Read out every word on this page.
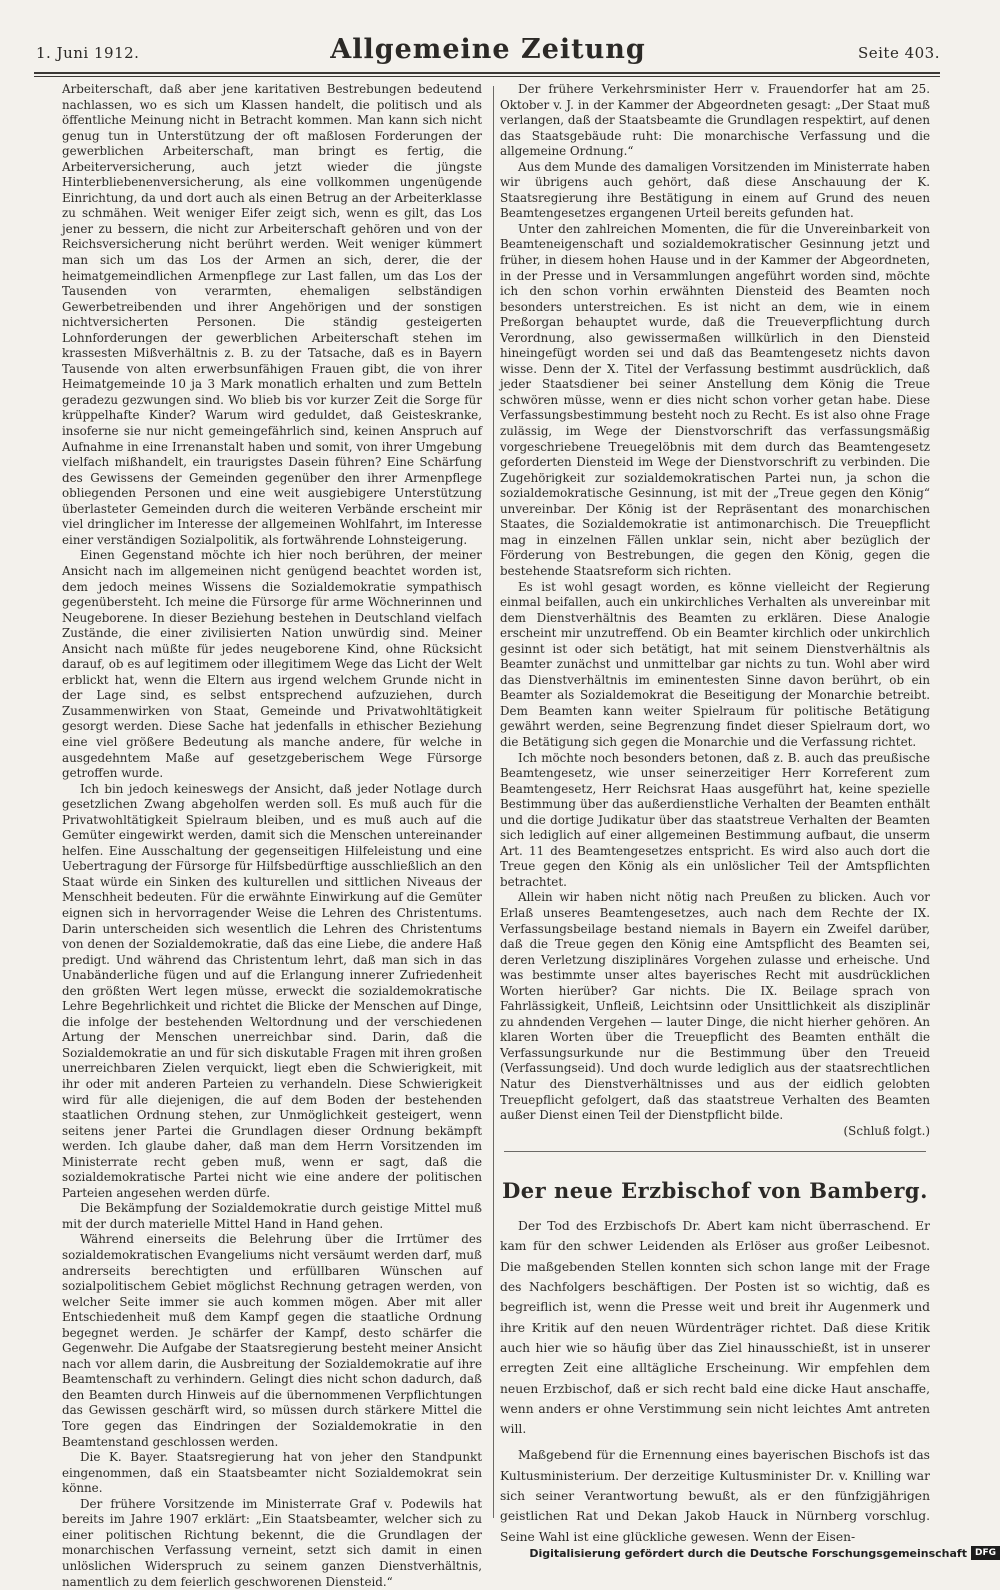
1. Juni 1912.	Allgemeine Zeitung	Seite 403.

Arbeiterschaft, daß aber jene karitativen Bestrebungen bedeutend nachlassen, wo es sich um Klassen handelt, die politisch und als öffentliche Meinung nicht in Betracht kommen. Man kann sich nicht genug tun in Unterstützung der oft maßlosen Forderungen der gewerblichen Arbeiterschaft, man bringt es fertig, die Arbeiterversicherung, auch jetzt wieder die jüngste Hinterbliebenenversicherung, als eine vollkommen ungenügende Einrichtung, da und dort auch als einen Betrug an der Arbeiterklasse zu schmähen. Weit weniger Eifer zeigt sich, wenn es gilt, das Los jener zu bessern, die nicht zur Arbeiterschaft gehören und von der Reichsversicherung nicht berührt werden. Weit weniger kümmert man sich um das Los der Armen an sich, derer, die der heimatgemeindlichen Armenpflege zur Last fallen, um das Los der Tausenden von verarmten, ehemaligen selbständigen Gewerbetreibenden und ihrer Angehörigen und der sonstigen nichtversicherten Personen. Die ständig gesteigerten Lohnforderungen der gewerblichen Arbeiterschaft stehen im krassesten Mißverhältnis z. B. zu der Tatsache, daß es in Bayern Tausende von alten erwerbsunfähigen Frauen gibt, die von ihrer Heimatgemeinde 10 ja 3 Mark monatlich erhalten und zum Betteln geradezu gezwungen sind. Wo blieb bis vor kurzer Zeit die Sorge für krüppelhafte Kinder? Warum wird geduldet, daß Geisteskranke, insoferne sie nur nicht gemeingefährlich sind, keinen Anspruch auf Aufnahme in eine Irrenanstalt haben und somit, von ihrer Umgebung vielfach mißhandelt, ein traurigstes Dasein führen? Eine Schärfung des Gewissens der Gemeinden gegenüber den ihrer Armenpflege obliegenden Personen und eine weit ausgiebigere Unterstützung überlasteter Gemeinden durch die weiteren Verbände erscheint mir viel dringlicher im Interesse der allgemeinen Wohlfahrt, im Interesse einer verständigen Sozialpolitik, als fortwährende Lohnsteigerung.

Einen Gegenstand möchte ich hier noch berühren, der meiner Ansicht nach im allgemeinen nicht genügend beachtet worden ist, dem jedoch meines Wissens die Sozialdemokratie sympathisch gegenübersteht. Ich meine die Fürsorge für arme Wöchnerinnen und Neugeborene. In dieser Beziehung bestehen in Deutschland vielfach Zustände, die einer zivilisierten Nation unwürdig sind. Meiner Ansicht nach müßte für jedes neugeborene Kind, ohne Rücksicht darauf, ob es auf legitimem oder illegitimem Wege das Licht der Welt erblickt hat, wenn die Eltern aus irgend welchem Grunde nicht in der Lage sind, es selbst entsprechend aufzuziehen, durch Zusammenwirken von Staat, Gemeinde und Privatwohltätigkeit gesorgt werden. Diese Sache hat jedenfalls in ethischer Beziehung eine viel größere Bedeutung als manche andere, für welche in ausgedehntem Maße auf gesetzgeberischem Wege Fürsorge getroffen wurde.

Ich bin jedoch keineswegs der Ansicht, daß jeder Notlage durch gesetzlichen Zwang abgeholfen werden soll. Es muß auch für die Privatwohltätigkeit Spielraum bleiben, und es muß auch auf die Gemüter eingewirkt werden, damit sich die Menschen untereinander helfen. Eine Ausschaltung der gegenseitigen Hilfeleistung und eine Uebertragung der Fürsorge für Hilfsbedürftige ausschließlich an den Staat würde ein Sinken des kulturellen und sittlichen Niveaus der Menschheit bedeuten. Für die erwähnte Einwirkung auf die Gemüter eignen sich in hervorragender Weise die Lehren des Christentums. Darin unterscheiden sich wesentlich die Lehren des Christentums von denen der Sozialdemokratie, daß das eine Liebe, die andere Haß predigt. Und während das Christentum lehrt, daß man sich in das Unabänderliche fügen und auf die Erlangung innerer Zufriedenheit den größten Wert legen müsse, erweckt die sozialdemokratische Lehre Begehrlichkeit und richtet die Blicke der Menschen auf Dinge, die infolge der bestehenden Weltordnung und der verschiedenen Artung der Menschen unerreichbar sind. Darin, daß die Sozialdemokratie an und für sich diskutable Fragen mit ihren großen unerreichbaren Zielen verquickt, liegt eben die Schwierigkeit, mit ihr oder mit anderen Parteien zu verhandeln. Diese Schwierigkeit wird für alle diejenigen, die auf dem Boden der bestehenden staatlichen Ordnung stehen, zur Unmöglichkeit gesteigert, wenn seitens jener Partei die Grundlagen dieser Ordnung bekämpft werden. Ich glaube daher, daß man dem Herrn Vorsitzenden im Ministerrate recht geben muß, wenn er sagt, daß die sozialdemokratische Partei nicht wie eine andere der politischen Parteien angesehen werden dürfe.

Die Bekämpfung der Sozialdemokratie durch geistige Mittel muß mit der durch materielle Mittel Hand in Hand gehen.

Während einerseits die Belehrung über die Irrtümer des sozialdemokratischen Evangeliums nicht versäumt werden darf, muß andrerseits berechtigten und erfüllbaren Wünschen auf sozialpolitischem Gebiet möglichst Rechnung getragen werden, von welcher Seite immer sie auch kommen mögen. Aber mit aller Entschiedenheit muß dem Kampf gegen die staatliche Ordnung begegnet werden. Je schärfer der Kampf, desto schärfer die Gegenwehr. Die Aufgabe der Staatsregierung besteht meiner Ansicht nach vor allem darin, die Ausbreitung der Sozialdemokratie auf ihre Beamtenschaft zu verhindern. Gelingt dies nicht schon dadurch, daß den Beamten durch Hinweis auf die übernommenen Verpflichtungen das Gewissen geschärft wird, so müssen durch stärkere Mittel die Tore gegen das Eindringen der Sozialdemokratie in den Beamtenstand geschlossen werden.

Die K. Bayer. Staatsregierung hat von jeher den Standpunkt eingenommen, daß ein Staatsbeamter nicht Sozialdemokrat sein könne.

Der frühere Vorsitzende im Ministerrate Graf v. Podewils hat bereits im Jahre 1907 erklärt: „Ein Staatsbeamter, welcher sich zu einer politischen Richtung bekennt, die die Grundlagen der monarchischen Verfassung verneint, setzt sich damit in einen unlöslichen Widerspruch zu seinem ganzen Dienstverhältnis, namentlich zu dem feierlich geschworenen Diensteid.“

Der frühere Verkehrsminister Herr v. Frauendorfer hat am 25. Oktober v. J. in der Kammer der Abgeordneten gesagt: „Der Staat muß verlangen, daß der Staatsbeamte die Grundlagen respektirt, auf denen das Staatsgebäude ruht: Die monarchische Verfassung und die allgemeine Ordnung.“

Aus dem Munde des damaligen Vorsitzenden im Ministerrate haben wir übrigens auch gehört, daß diese Anschauung der K. Staatsregierung ihre Bestätigung in einem auf Grund des neuen Beamtengesetzes ergangenen Urteil bereits gefunden hat.

Unter den zahlreichen Momenten, die für die Unvereinbarkeit von Beamteneigenschaft und sozialdemokratischer Gesinnung jetzt und früher, in diesem hohen Hause und in der Kammer der Abgeordneten, in der Presse und in Versammlungen angeführt worden sind, möchte ich den schon vorhin erwähnten Diensteid des Beamten noch besonders unterstreichen. Es ist nicht an dem, wie in einem Preßorgan behauptet wurde, daß die Treueverpflichtung durch Verordnung, also gewissermaßen willkürlich in den Diensteid hineingefügt worden sei und daß das Beamtengesetz nichts davon wisse. Denn der X. Titel der Verfassung bestimmt ausdrücklich, daß jeder Staatsdiener bei seiner Anstellung dem König die Treue schwören müsse, wenn er dies nicht schon vorher getan habe. Diese Verfassungsbestimmung besteht noch zu Recht. Es ist also ohne Frage zulässig, im Wege der Dienstvorschrift das verfassungsmäßig vorgeschriebene Treuegelöbnis mit dem durch das Beamtengesetz geforderten Diensteid im Wege der Dienstvorschrift zu verbinden. Die Zugehörigkeit zur sozialdemokratischen Partei nun, ja schon die sozialdemokratische Gesinnung, ist mit der „Treue gegen den König“ unvereinbar. Der König ist der Repräsentant des monarchischen Staates, die Sozialdemokratie ist antimonarchisch. Die Treuepflicht mag in einzelnen Fällen unklar sein, nicht aber bezüglich der Förderung von Bestrebungen, die gegen den König, gegen die bestehende Staatsreform sich richten.

Es ist wohl gesagt worden, es könne vielleicht der Regierung einmal beifallen, auch ein unkirchliches Verhalten als unvereinbar mit dem Dienstverhältnis des Beamten zu erklären. Diese Analogie erscheint mir unzutreffend. Ob ein Beamter kirchlich oder unkirchlich gesinnt ist oder sich betätigt, hat mit seinem Dienstverhältnis als Beamter zunächst und unmittelbar gar nichts zu tun. Wohl aber wird das Dienstverhältnis im eminentesten Sinne davon berührt, ob ein Beamter als Sozialdemokrat die Beseitigung der Monarchie betreibt. Dem Beamten kann weiter Spielraum für politische Betätigung gewährt werden, seine Begrenzung findet dieser Spielraum dort, wo die Betätigung sich gegen die Monarchie und die Verfassung richtet.

Ich möchte noch besonders betonen, daß z. B. auch das preußische Beamtengesetz, wie unser seinerzeitiger Herr Korreferent zum Beamtengesetz, Herr Reichsrat Haas ausgeführt hat, keine spezielle Bestimmung über das außerdienstliche Verhalten der Beamten enthält und die dortige Judikatur über das staatstreue Verhalten der Beamten sich lediglich auf einer allgemeinen Bestimmung aufbaut, die unserm Art. 11 des Beamtengesetzes entspricht. Es wird also auch dort die Treue gegen den König als ein unlöslicher Teil der Amtspflichten betrachtet.

Allein wir haben nicht nötig nach Preußen zu blicken. Auch vor Erlaß unseres Beamtengesetzes, auch nach dem Rechte der IX. Verfassungsbeilage bestand niemals in Bayern ein Zweifel darüber, daß die Treue gegen den König eine Amtspflicht des Beamten sei, deren Verletzung disziplinäres Vorgehen zulasse und erheische. Und was bestimmte unser altes bayerisches Recht mit ausdrücklichen Worten hierüber? Gar nichts. Die IX. Beilage sprach von Fahrlässigkeit, Unfleiß, Leichtsinn oder Unsittlichkeit als disziplinär zu ahndenden Vergehen — lauter Dinge, die nicht hierher gehören. An klaren Worten über die Treuepflicht des Beamten enthält die Verfassungsurkunde nur die Bestimmung über den Treueid (Verfassungseid). Und doch wurde lediglich aus der staatsrechtlichen Natur des Dienstverhältnisses und aus der eidlich gelobten Treuepflicht gefolgert, daß das staatstreue Verhalten des Beamten außer Dienst einen Teil der Dienstpflicht bilde.

(Schluß folgt.)

Der neue Erzbischof von Bamberg.

Der Tod des Erzbischofs Dr. Abert kam nicht überraschend. Er kam für den schwer Leidenden als Erlöser aus großer Leibesnot. Die maßgebenden Stellen konnten sich schon lange mit der Frage des Nachfolgers beschäftigen. Der Posten ist so wichtig, daß es begreiflich ist, wenn die Presse weit und breit ihr Augenmerk und ihre Kritik auf den neuen Würdenträger richtet. Daß diese Kritik auch hier wie so häufig über das Ziel hinausschießt, ist in unserer erregten Zeit eine alltägliche Erscheinung. Wir empfehlen dem neuen Erzbischof, daß er sich recht bald eine dicke Haut anschaffe, wenn anders er ohne Verstimmung sein nicht leichtes Amt antreten will.

Maßgebend für die Ernennung eines bayerischen Bischofs ist das Kultusministerium. Der derzeitige Kultusminister Dr. v. Knilling war sich seiner Verantwortung bewußt, als er den fünfzigjährigen geistlichen Rat und Dekan Jakob Hauck in Nürnberg vorschlug. Seine Wahl ist eine glückliche gewesen. Wenn der Eisen-

Digitalisierung gefördert durch die Deutsche Forschungsgemeinschaft DFG
